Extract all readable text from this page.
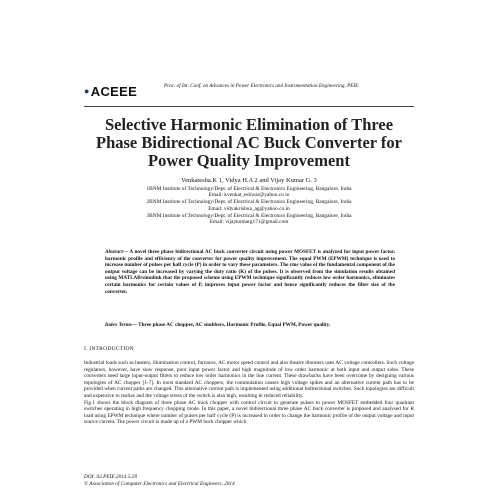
●ACEEE	Proc. of Int. Conf. on Advances in Power Electronics and Instrumentation Engineering, PEIE
Selective Harmonic Elimination of Three Phase Bidirectional AC Buck Converter for Power Quality Improvement
Venkatesha.K 1, Vidya H.A 2 and Vijay Kumar G. 3
1BNM Institute of Technology/Dept. of Electrical & Electronics Engineering, Bangalore, India
Email: kvenkat_eshwar@yahoo.co.in
2BNM Institute of Technology/Dept. of Electrical & Electronics Engineering, Bangalore, India
Email: vidyakrishna_ag@yahoo.co.in
3BNM Institute of Technology/Dept. of Electrical & Electronics Engineering, Bangalore, India
Email: vijaykumarg171@gmail.com
Abstract— A novel three phase bidirectional AC buck converter circuit using power MOSFET is analyzed for input power factor, harmonic profile and efficiency of the converter for power quality improvement. The equal PWM (EPWM) technique is used to increase number of pulses per half cycle (P) in order to vary these parameters. The rms value of the fundamental component of the output voltage can be increased by varying the duty ratio (K) of the pulses. It is observed from the simulation results obtained using MATLAB/simulink that the proposed scheme using EPWM technique significantly reduces low order harmonics, eliminates certain harmonics for certain values of P, improves input power factor and hence significantly reduces the filter size of the converter.
Index Terms— Three phase AC chopper, AC snubbers, Harmonic Profile, Equal PWM, Power quality.
I. INTRODUCTION

Industrial loads such as heaters, illumination control, furnaces, AC motor speed control and also theatre dimmers uses AC voltage controllers. Such voltage regulators, however, have slow response, poor input power factor and high magnitude of low order harmonic at both input and output sides. These converters need large input-output filters to reduce low order harmonics in the line current. These drawbacks have been overcome by designing various topologies of AC chopper [1-7]. In most standard AC choppers, the commutation causes high voltage spikes and an alternative current path has to be provided when current paths are changed. This alternative current path is implemented using additional bidirectional switches. Such topologies are difficult and expensive to realize and the voltage stress of the switch is also high, resulting in reduced reliability.

Fig.1 shows the block diagram of three phase AC buck chopper with control circuit to generate pulses to power MOSFET embedded four quadrant switches operating in high frequency chopping mode. In this paper, a novel bidirectional three phase AC buck converter is proposed and analysed for R load using EPWM technique where number of pulses per half cycle (P) is increased in order to change the harmonic profile of the output voltage and input source current. The power circuit is made up of a PWM buck chopper which

DOI: 02.PEIE.2014.5.20
© Association of Computer Electronics and Electrical Engineers, 2014
